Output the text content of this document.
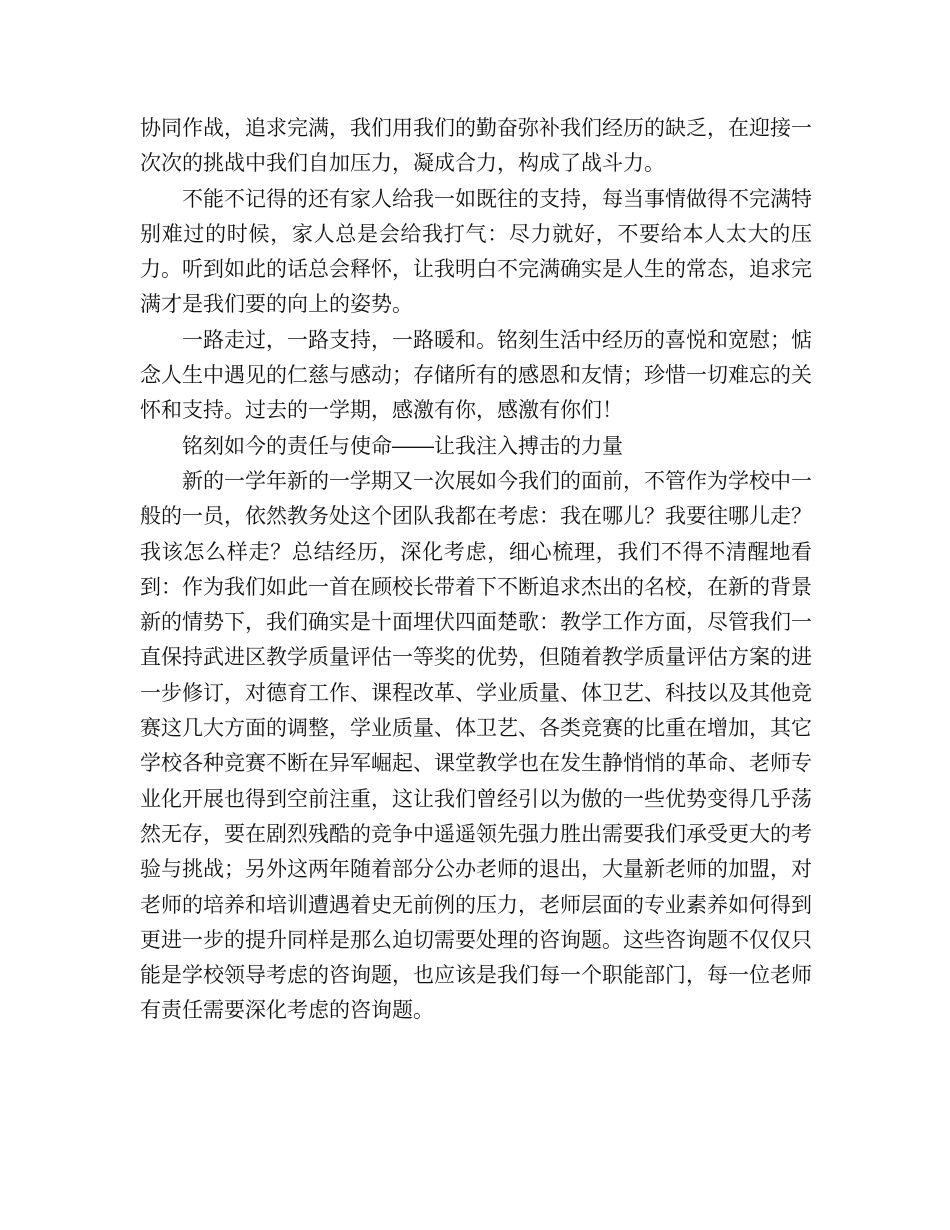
协同作战，追求完满，我们用我们的勤奋弥补我们经历的缺乏，在迎接一次次的挑战中我们自加压力，凝成合力，构成了战斗力。

不能不记得的还有家人给我一如既往的支持，每当事情做得不完满特别难过的时候，家人总是会给我打气：尽力就好，不要给本人太大的压力。听到如此的话总会释怀，让我明白不完满确实是人生的常态，追求完满才是我们要的向上的姿势。

一路走过，一路支持，一路暖和。铭刻生活中经历的喜悦和宽慰；惦念人生中遇见的仁慈与感动；存储所有的感恩和友情；珍惜一切难忘的关怀和支持。过去的一学期，感激有你，感激有你们！

铭刻如今的责任与使命――让我注入搏击的力量

新的一学年新的一学期又一次展如今我们的面前，不管作为学校中一般的一员，依然教务处这个团队我都在考虑：我在哪儿？我要往哪儿走？我该怎么样走？总结经历，深化考虑，细心梳理，我们不得不清醒地看到：作为我们如此一首在顾校长带着下不断追求杰出的名校，在新的背景新的情势下，我们确实是十面埋伏四面楚歌：教学工作方面，尽管我们一直保持武进区教学质量评估一等奖的优势，但随着教学质量评估方案的进一步修订，对德育工作、课程改革、学业质量、体卫艺、科技以及其他竞赛这几大方面的调整，学业质量、体卫艺、各类竞赛的比重在增加，其它学校各种竞赛不断在异军崛起、课堂教学也在发生静悄悄的革命、老师专业化开展也得到空前注重，这让我们曾经引以为傲的一些优势变得几乎荡然无存，要在剧烈残酷的竞争中遥遥领先强力胜出需要我们承受更大的考验与挑战；另外这两年随着部分公办老师的退出，大量新老师的加盟，对老师的培养和培训遭遇着史无前例的压力，老师层面的专业素养如何得到更进一步的提升同样是那么迫切需要处理的咨询题。这些咨询题不仅仅只能是学校领导考虑的咨询题，也应该是我们每一个职能部门，每一位老师有责任需要深化考虑的咨询题。
